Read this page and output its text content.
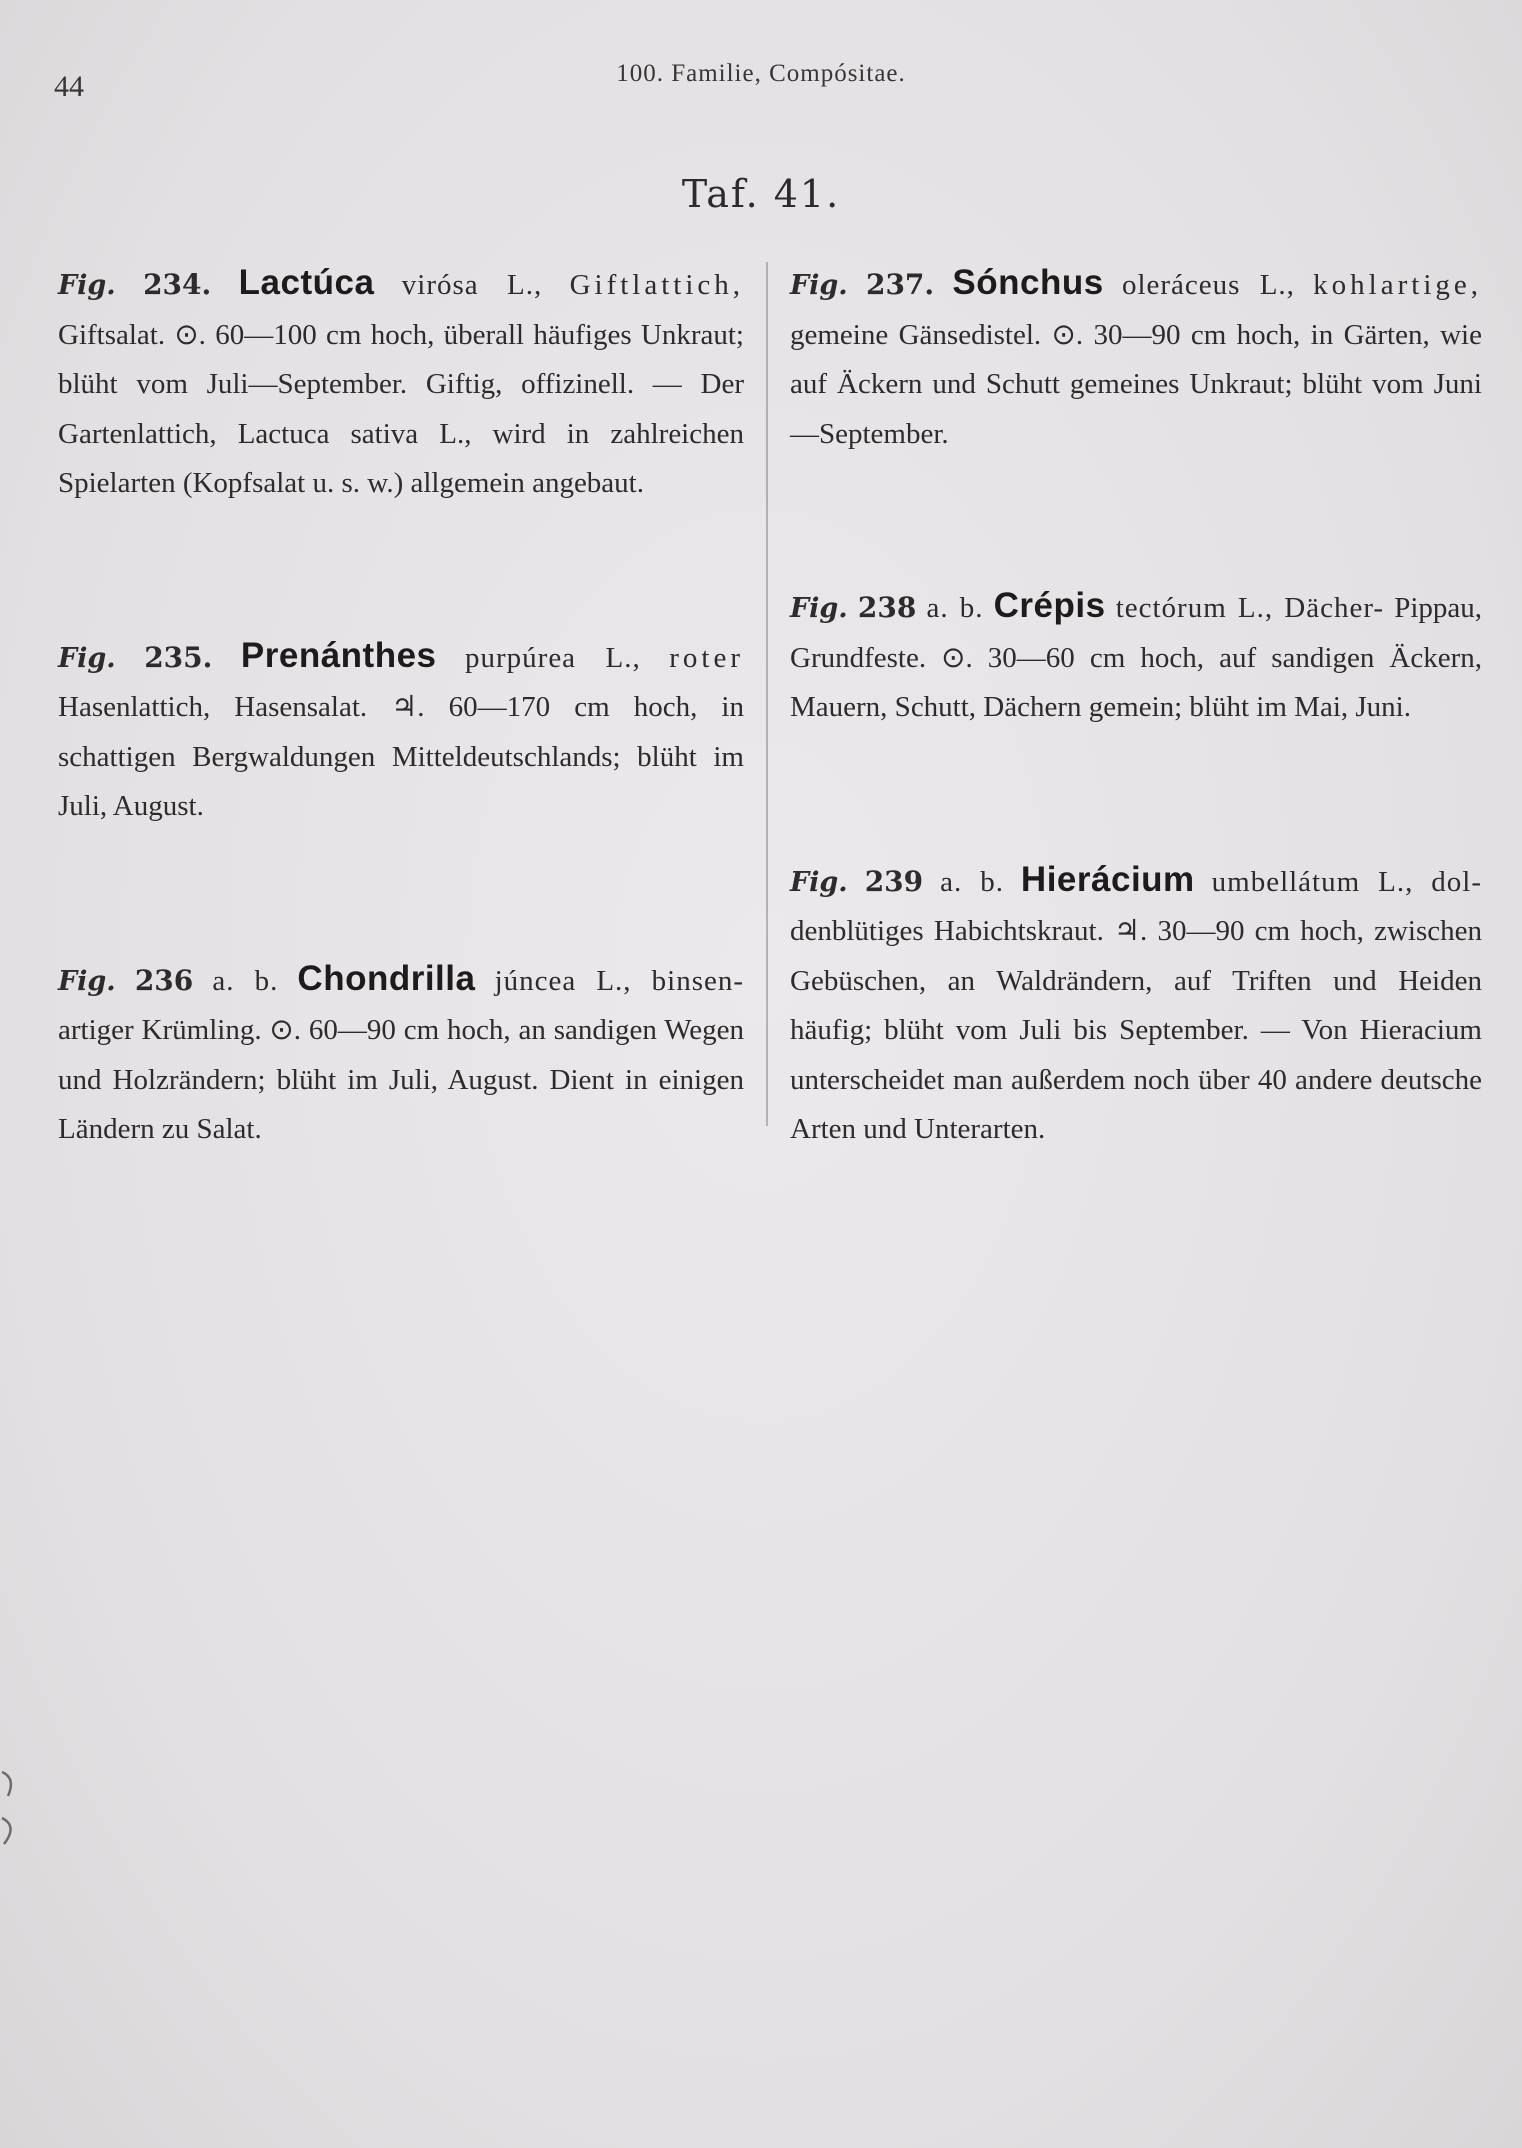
44	100. Familie, Compósitae.
Taf. 41.

Fig. 234. Lactúca virósa L., Giftlattich, Giftsalat. ⊙. 60—100 cm hoch, überall häufiges Unkraut; blüht vom Juli—September. Giftig, offizinell. — Der Gartenlattich, Lactuca sativa L., wird in zahlreichen Spielarten (Kopfsalat u. s. w.) allgemein angebaut.

Fig. 235. Prenánthes purpúrea L., roter Hasenlattich, Hasensalat. ♃. 60—170 cm hoch, in schattigen Bergwaldungen Mitteldeutschlands; blüht im Juli, August.

Fig. 236 a. b. Chondrilla júncea L., binsen- artiger Krümling. ⊙. 60—90 cm hoch, an sandigen Wegen und Holzrändern; blüht im Juli, August. Dient in einigen Ländern zu Salat.

Fig. 237. Sónchus oleráceus L., kohlartige, gemeine Gänsedistel. ⊙. 30—90 cm hoch, in Gärten, wie auf Äckern und Schutt gemeines Unkraut; blüht vom Juni—September.

Fig. 238 a. b. Crépis tectórum L., Dächer- Pippau, Grundfeste. ⊙. 30—60 cm hoch, auf sandigen Äckern, Mauern, Schutt, Dächern gemein; blüht im Mai, Juni.

Fig. 239 a. b. Hierácium umbellátum L., dol- denblütiges Habichtskraut. ♃. 30—90 cm hoch, zwischen Gebüschen, an Waldrändern, auf Triften und Heiden häufig; blüht vom Juli bis September. — Von Hieracium unterscheidet man außerdem noch über 40 andere deutsche Arten und Unterarten.
